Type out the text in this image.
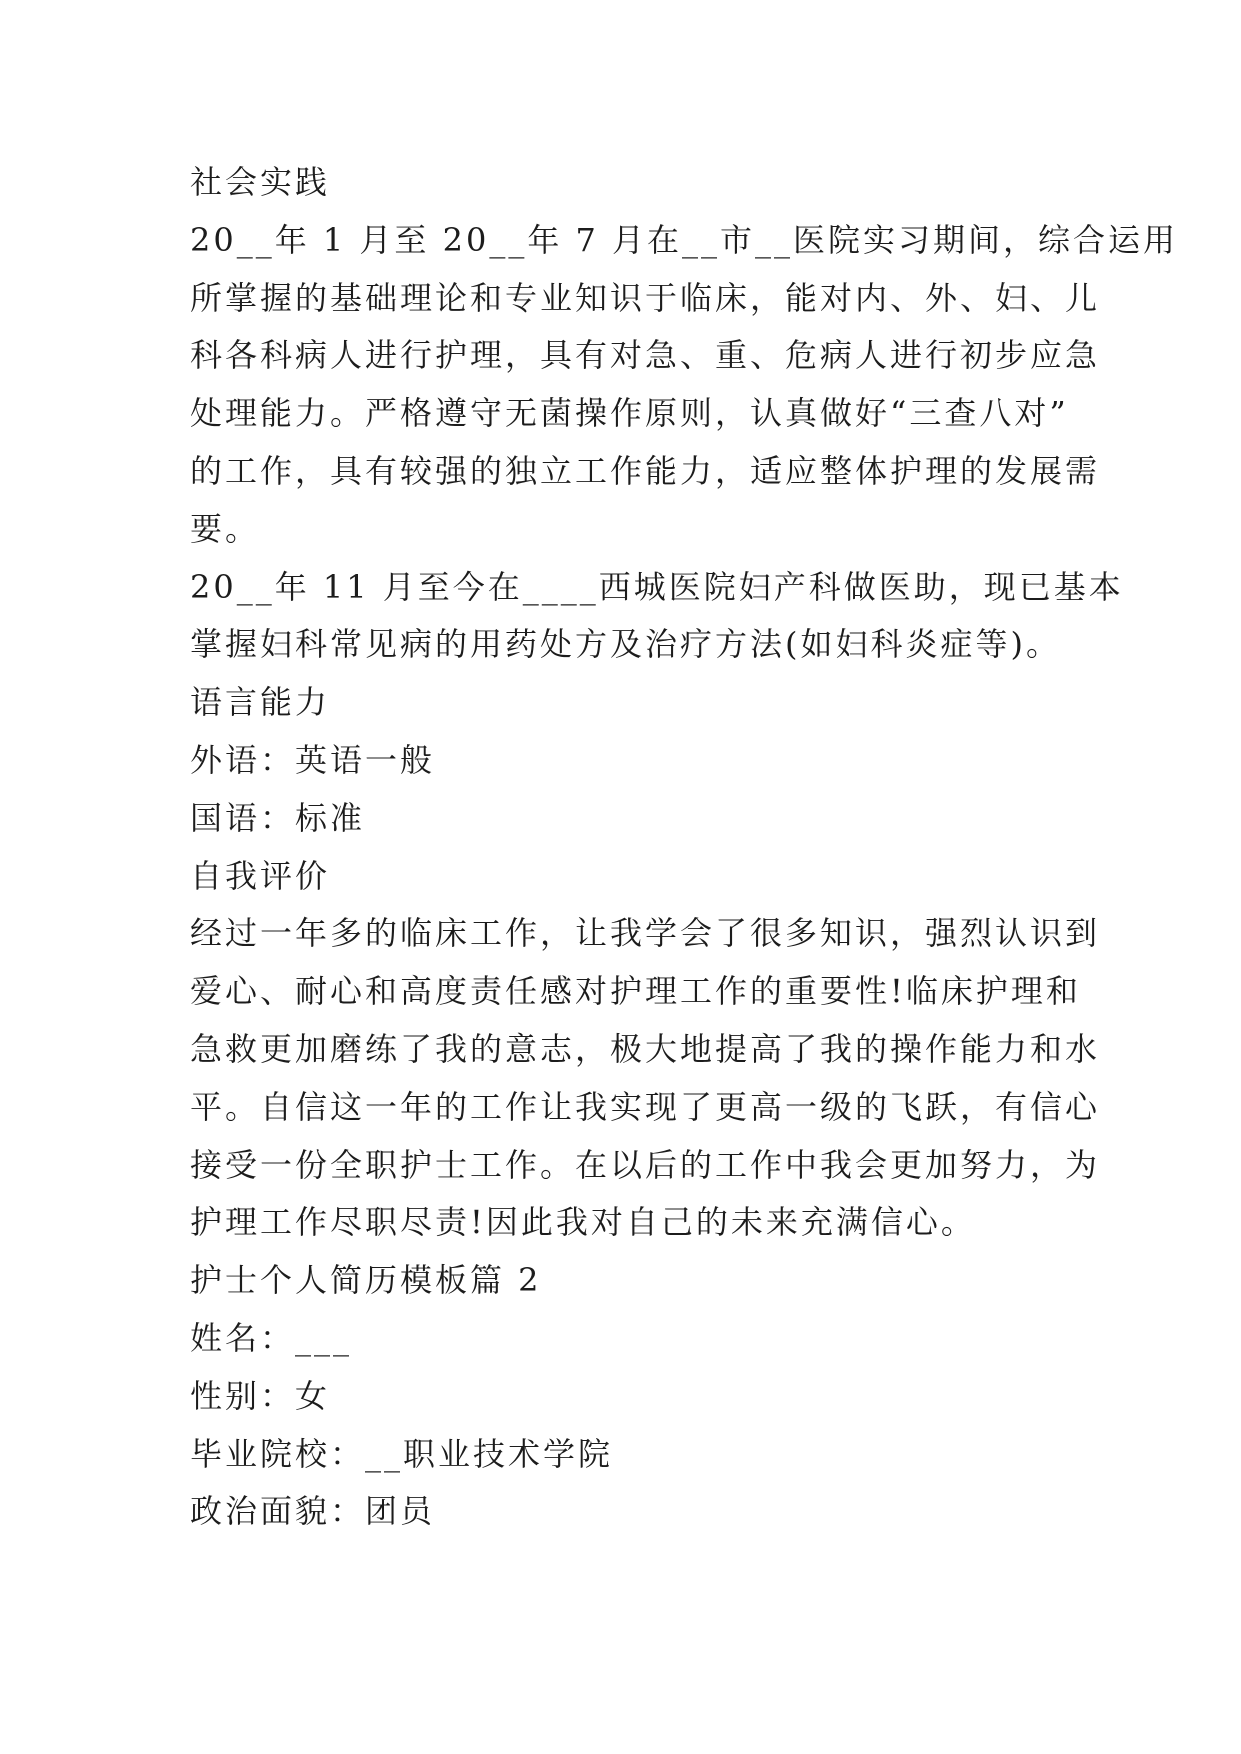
社会实践
20__年 1 月至 20__年 7 月在__市__医院实习期间，综合运用
所掌握的基础理论和专业知识于临床，能对内、外、妇、儿
科各科病人进行护理，具有对急、重、危病人进行初步应急
处理能力。严格遵守无菌操作原则，认真做好“三查八对”
的工作，具有较强的独立工作能力，适应整体护理的发展需
要。
20__年 11 月至今在____西城医院妇产科做医助，现已基本
掌握妇科常见病的用药处方及治疗方法(如妇科炎症等)。
语言能力
外语：英语一般
国语：标准
自我评价
经过一年多的临床工作，让我学会了很多知识，强烈认识到
爱心、耐心和高度责任感对护理工作的重要性!临床护理和
急救更加磨练了我的意志，极大地提高了我的操作能力和水
平。自信这一年的工作让我实现了更高一级的飞跃，有信心
接受一份全职护士工作。在以后的工作中我会更加努力，为
护理工作尽职尽责!因此我对自己的未来充满信心。
护士个人简历模板篇 2
姓名：___
性别：女
毕业院校：__职业技术学院
政治面貌：团员
